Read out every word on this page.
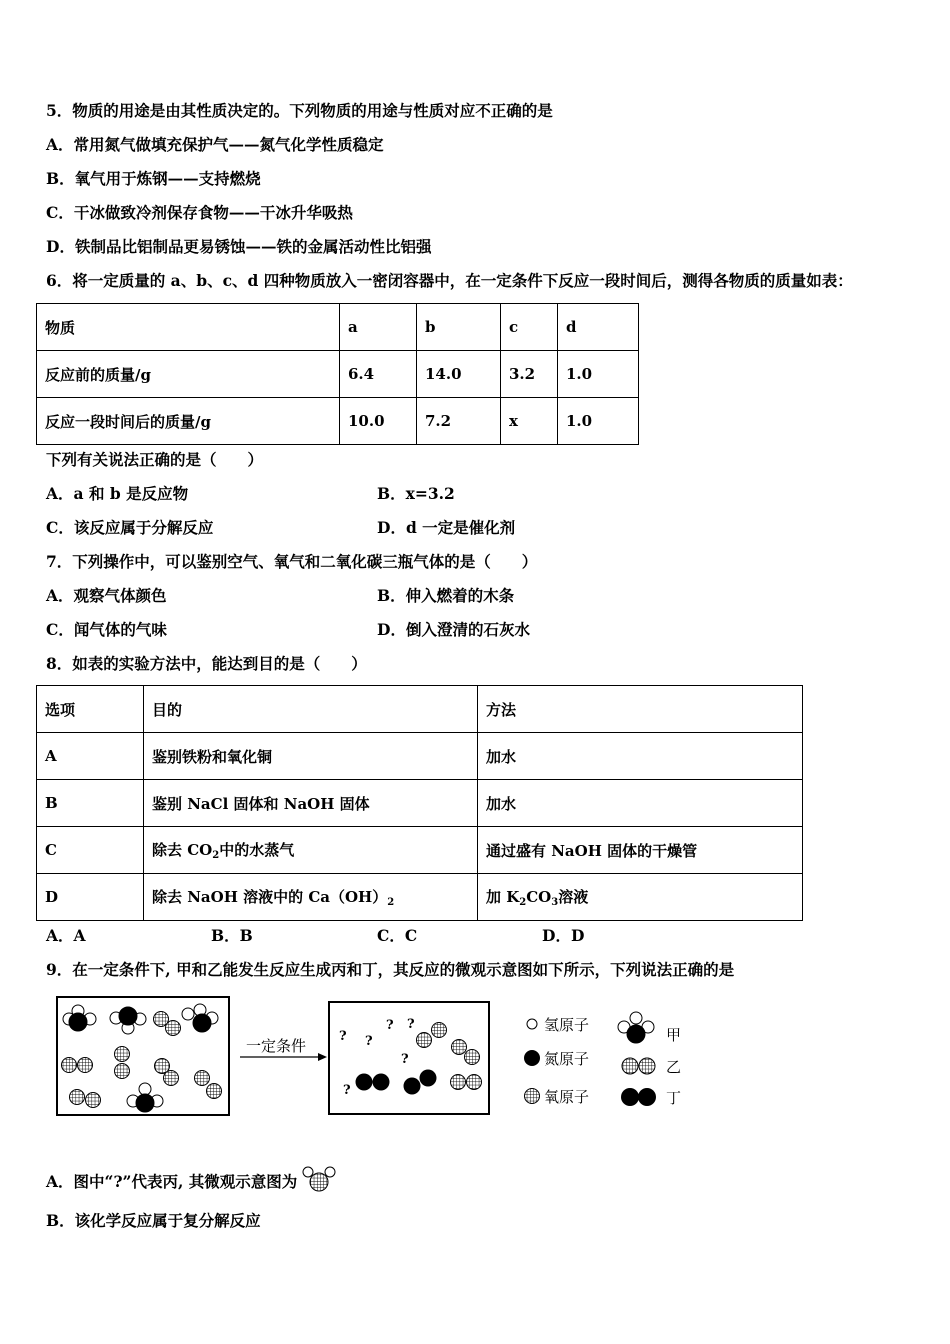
5．物质的用途是由其性质决定的。下列物质的用途与性质对应不正确的是
A．常用氮气做填充保护气——氮气化学性质稳定
B．氧气用于炼钢——支持燃烧
C．干冰做致冷剂保存食物——干冰升华吸热
D．铁制品比铝制品更易锈蚀——铁的金属活动性比铝强
6．将一定质量的 a、b、c、d 四种物质放入一密闭容器中，在一定条件下反应一段时间后，测得各物质的质量如表：
物质	a	b	c	d
反应前的质量/g	6.4	14.0	3.2	1.0
反应一段时间后的质量/g	10.0	7.2	x	1.0
下列有关说法正确的是（　　）
A．a 和 b 是反应物	B．x=3.2
C．该反应属于分解反应	D．d 一定是催化剂
7．下列操作中，可以鉴别空气、氧气和二氧化碳三瓶气体的是（　　）
A．观察气体颜色	B．伸入燃着的木条
C．闻气体的气味	D．倒入澄清的石灰水
8．如表的实验方法中，能达到目的是（　　）
选项	目的	方法
A	鉴别铁粉和氧化铜	加水
B	鉴别 NaCl 固体和 NaOH 固体	加水
C	除去 $CO_2$中的水蒸气	通过盛有 NaOH 固体的干燥管
D	除去 NaOH 溶液中的 $Ca(OH)_2$	加 $K_2CO_3$溶液
A．A	B．B	C．C	D．D
9．在一定条件下, 甲和乙能发生反应生成丙和丁，其反应的微观示意图如下所示，下列说法正确的是
一定条件
? ?
? ?
?
?
氢原子
氮原子
氧原子
甲
乙
丁
A．图中“?”代表丙, 其微观示意图为
B．该化学反应属于复分解反应
